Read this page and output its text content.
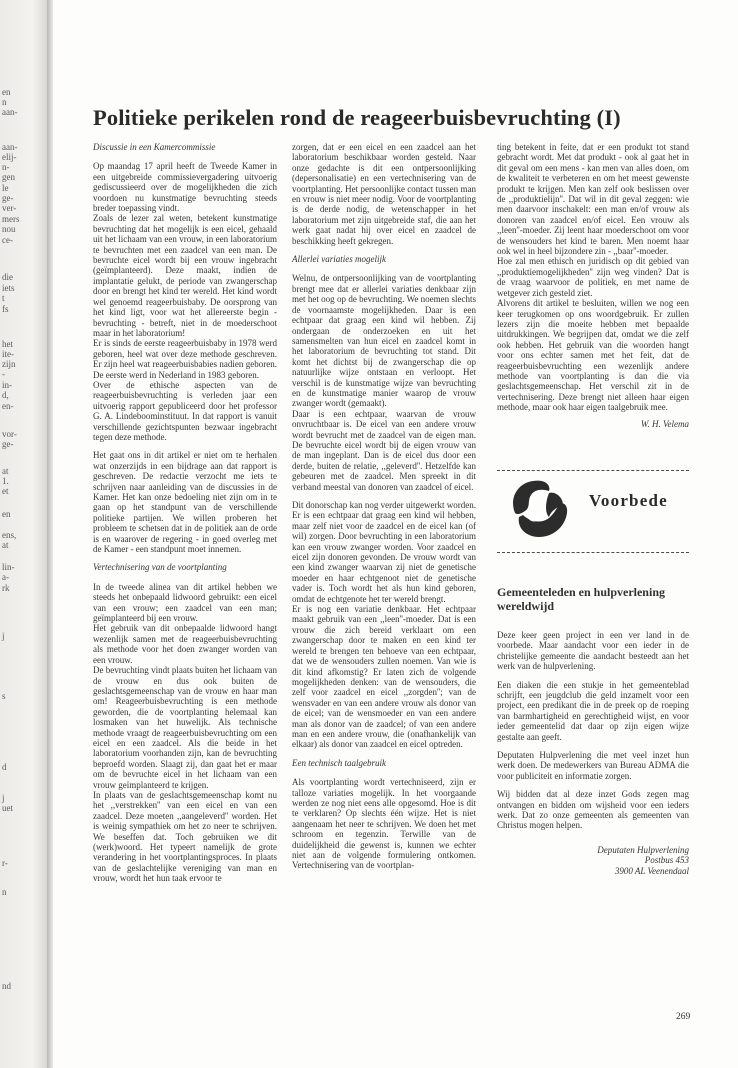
en
n
aan-
aan-
elij-
n-
gen
le
ge-
ver-
mers
nou
ce-
die
iets
t
fs
het
ite-
zijn
-
in-
d,
en-
vor-
ge-
at
1.
et
en
ens,
at
lin-
a-
rk
j
s
d
j
uet
r-
n
nd
Politieke perikelen rond de reageerbuisbevruchting (I)
Discussie in een Kamercommissie

Op maandag 17 april heeft de Tweede Kamer in een uitgebreide commissievergadering uitvoerig gediscussieerd over de mogelijkheden die zich voordoen nu kunstmatige bevruchting steeds breder toepassing vindt.
Zoals de lezer zal weten, betekent kunstmatige bevruchting dat het mogelijk is een eicel, gehaald uit het lichaam van een vrouw, in een laboratorium te bevruchten met een zaadcel van een man. De bevruchte eicel wordt bij een vrouw ingebracht (geïmplanteerd). Deze maakt, indien de implantatie gelukt, de periode van zwangerschap door en brengt het kind ter wereld. Het kind wordt wel genoemd reageerbuisbaby. De oorsprong van het kind ligt, voor wat het allereerste begin - bevruchting - betreft, niet in de moederschoot maar in het laboratorium!
Er is sinds de eerste reageerbuisbaby in 1978 werd geboren, heel wat over deze methode geschreven. Er zijn heel wat reageerbuisbabies nadien geboren. De eerste werd in Nederland in 1983 geboren.
Over de ethische aspecten van de reageerbuisbevruchting is verleden jaar een uitvoerig rapport gepubliceerd door het professor G. A. Lindeboominstituut. In dat rapport is vanuit verschillende gezichtspunten bezwaar ingebracht tegen deze methode.

Het gaat ons in dit artikel er niet om te herhalen wat onzerzijds in een bijdrage aan dat rapport is geschreven. De redactie verzocht me iets te schrijven naar aanleiding van de discussies in de Kamer. Het kan onze bedoeling niet zijn om in te gaan op het standpunt van de verschillende politieke partijen. We willen proberen het probleem te schetsen dat in de politiek aan de orde is en waarover de regering - in goed overleg met de Kamer - een standpunt moet innemen.

Vertechnisering van de voortplanting

In de tweede alinea van dit artikel hebben we steeds het onbepaald lidwoord gebruikt: een eicel van een vrouw; een zaadcel van een man; geïmplanteerd bij een vrouw.
Het gebruik van dit onbepaalde lidwoord hangt wezenlijk samen met de reageerbuisbevruchting als methode voor het doen zwanger worden van een vrouw.
De bevruchting vindt plaats buiten het lichaam van de vrouw en dus ook buiten de geslachtsgemeenschap van de vrouw en haar man om! Reageerbuisbevruchting is een methode geworden, die de voortplanting helemaal kan losmaken van het huwelijk. Als technische methode vraagt de reageerbuisbevruchting om een eicel en een zaadcel. Als die beide in het laboratorium voorhanden zijn, kan de bevruchting beproefd worden. Slaagt zij, dan gaat het er maar om de bevruchte eicel in het lichaam van een vrouw geïmplanteerd te krijgen.
In plaats van de geslachtsgemeenschap komt nu het ,,verstrekken'' van een eicel en van een zaadcel. Deze moeten ,,aangeleverd'' worden. Het is weinig sympathiek om het zo neer te schrijven. We beseffen dat. Toch gebruiken we dit (werk)woord. Het typeert namelijk de grote verandering in het voortplantingsproces. In plaats van de geslachtelijke vereniging van man en vrouw, wordt het hun taak ervoor te

zorgen, dat er een eicel en een zaadcel aan het laboratorium beschikbaar worden gesteld. Naar onze gedachte is dit een ontpersoonlijking (depersonalisatie) en een vertechnisering van de voortplanting. Het persoonlijke contact tussen man en vrouw is niet meer nodig. Voor de voortplanting is de derde nodig, de wetenschapper in het laboratorium met zijn uitgebreide staf, die aan het werk gaat nadat hij over eicel en zaadcel de beschikking heeft gekregen.

Allerlei variaties mogelijk

Welnu, de ontpersoonlijking van de voortplanting brengt mee dat er allerlei variaties denkbaar zijn met het oog op de bevruchting. We noemen slechts de voornaamste mogelijkheden. Daar is een echtpaar dat graag een kind wil hebben. Zij ondergaan de onderzoeken en uit het samensmelten van hun eicel en zaadcel komt in het laboratorium de bevruchting tot stand. Dit komt het dichtst bij de zwangerschap die op natuurlijke wijze ontstaan en verloopt. Het verschil is de kunstmatige wijze van bevruchting en de kunstmatige manier waarop de vrouw zwanger wordt (gemaakt).
Daar is een echtpaar, waarvan de vrouw onvruchtbaar is. De eicel van een andere vrouw wordt bevrucht met de zaadcel van de eigen man. De bevruchte eicel wordt bij de eigen vrouw van de man ingeplant. Dan is de eicel dus door een derde, buiten de relatie, ,,geleverd''. Hetzelfde kan gebeuren met de zaadcel. Men spreekt in dit verband meestal van donoren van zaadcel of eicel.

Dit donorschap kan nog verder uitgewerkt worden. Er is een echtpaar dat graag een kind wil hebben, maar zelf niet voor de zaadcel en de eicel kan (of wil) zorgen. Door bevruchting in een laboratorium kan een vrouw zwanger worden. Voor zaadcel en eicel zijn donoren gevonden. De vrouw wordt van een kind zwanger waarvan zij niet de genetische moeder en haar echtgenoot niet de genetische vader is. Toch wordt het als hun kind geboren, omdat de echtgenote het ter wereld brengt.
Er is nog een variatie denkbaar. Het echtpaar maakt gebruik van een ,,leen''-moeder. Dat is een vrouw die zich bereid verklaart om een zwangerschap door te maken en een kind ter wereld te brengen ten behoeve van een echtpaar, dat we de wensouders zullen noemen. Van wie is dit kind afkomstig? Er laten zich de volgende mogelijkheden denken: van de wensouders, die zelf voor zaadcel en eicel ,,zorgden''; van de wensvader en van een andere vrouw als donor van de eicel; van de wensmoeder en van een andere man als donor van de zaadcel; of van een andere man en een andere vrouw, die (onafhankelijk van elkaar) als donor van zaadcel en eicel optreden.

Een technisch taalgebruik

Als voortplanting wordt vertechniseerd, zijn er talloze variaties mogelijk. In het voorgaande werden ze nog niet eens alle opgesomd. Hoe is dit te verklaren? Op slechts één wijze. Het is niet aangenaam het neer te schrijven. We doen het met schroom en tegenzin. Terwille van de duidelijkheid die gewenst is, kunnen we echter niet aan de volgende formulering ontkomen. Vertechnisering van de voortplan-

ting betekent in feite, dat er een produkt tot stand gebracht wordt. Met dat produkt - ook al gaat het in dit geval om een mens - kan men van alles doen, om de kwaliteit te verbeteren en om het meest gewenste produkt te krijgen. Men kan zelf ook beslissen over de ,,produktielijn''. Dat wil in dit geval zeggen: wie men daarvoor inschakelt: een man en/of vrouw als donoren van zaadcel en/of eicel. Een vrouw als ,,leen''-moeder. Zij leent haar moederschoot om voor de wensouders het kind te baren. Men noemt haar ook wel in heel bijzondere zin - ,,baar''-moeder.
Hoe zal men ethisch en juridisch op dit gebied van ,,produktiemogelijkheden'' zijn weg vinden? Dat is de vraag waarvoor de politiek, en met name de wetgever zich gesteld ziet.
Alvorens dit artikel te besluiten, willen we nog een keer terugkomen op ons woordgebruik. Er zullen lezers zijn die moeite hebben met bepaalde uitdrukkingen. We begrijpen dat, omdat we die zelf ook hebben. Het gebruik van die woorden hangt voor ons echter samen met het feit, dat de reageerbuisbevruchting een wezenlijk andere methode van voortplanting is dan die via geslachtsgemeenschap. Het verschil zit in de vertechnisering. Deze brengt niet alleen haar eigen methode, maar ook haar eigen taalgebruik mee.

W. H. Velema
Voorbede
Gemeenteleden en hulpverlening wereldwijd

Deze keer geen project in een ver land in de voorbede. Maar aandacht voor een ieder in de christelijke gemeente die aandacht besteedt aan het werk van de hulpverlening.

Een diaken die een stukje in het gemeenteblad schrijft, een jeugdclub die geld inzamelt voor een project, een predikant die in de preek op de roeping van barmhartigheid en gerechtigheid wijst, en voor ieder gemeentelid dat daar op zijn eigen wijze gestalte aan geeft.

Deputaten Hulpverlening die met veel inzet hun werk doen. De medewerkers van Bureau ADMA die voor publiciteit en informatie zorgen.

Wij bidden dat al deze inzet Gods zegen mag ontvangen en bidden om wijsheid voor een ieders werk. Dat zo onze gemeenten als gemeenten van Christus mogen helpen.

Deputaten Hulpverlening
Postbus 453
3900 AL Veenendaal
269
